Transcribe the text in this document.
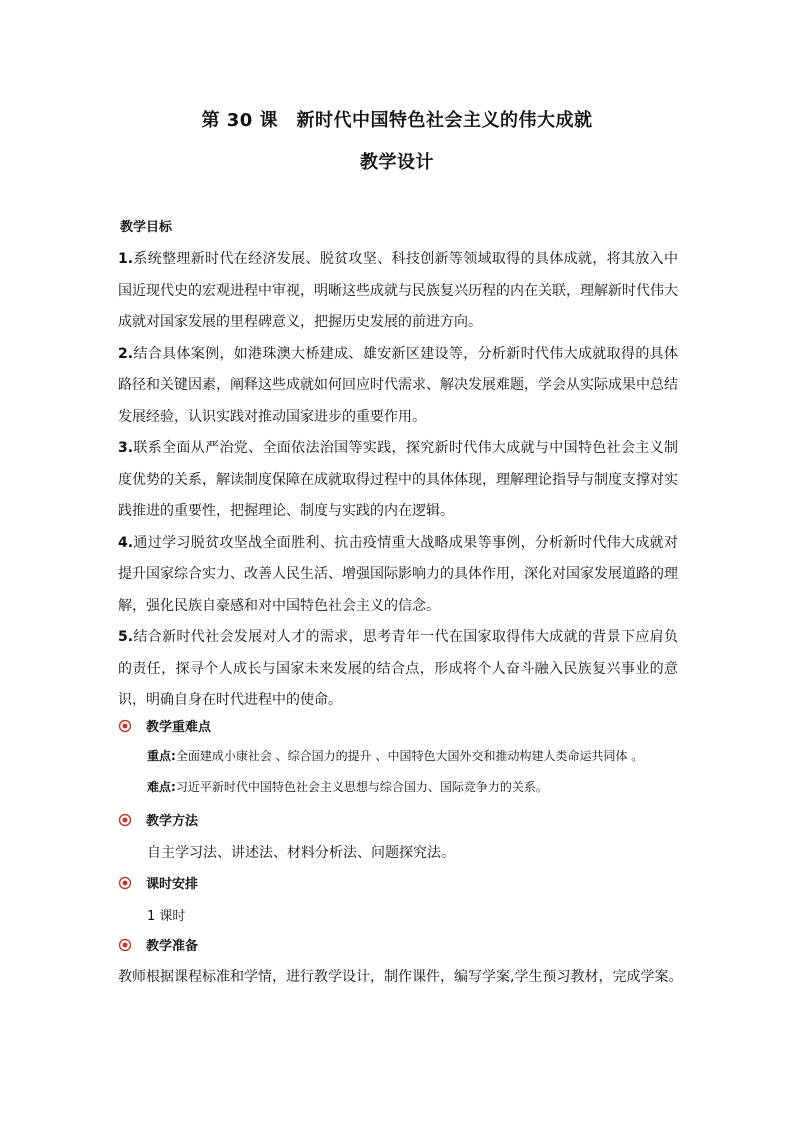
第 30 课　新时代中国特色社会主义的伟大成就
教学设计
教学目标

1.系统整理新时代在经济发展、脱贫攻坚、科技创新等领域取得的具体成就，将其放入中国近现代史的宏观进程中审视，明晰这些成就与民族复兴历程的内在关联，理解新时代伟大成就对国家发展的里程碑意义，把握历史发展的前进方向。

2.结合具体案例，如港珠澳大桥建成、雄安新区建设等，分析新时代伟大成就取得的具体路径和关键因素，阐释这些成就如何回应时代需求、解决发展难题，学会从实际成果中总结发展经验，认识实践对推动国家进步的重要作用。

3.联系全面从严治党、全面依法治国等实践，探究新时代伟大成就与中国特色社会主义制度优势的关系，解读制度保障在成就取得过程中的具体体现，理解理论指导与制度支撑对实践推进的重要性，把握理论、制度与实践的内在逻辑。

4.通过学习脱贫攻坚战全面胜利、抗击疫情重大战略成果等事例，分析新时代伟大成就对提升国家综合实力、改善人民生活、增强国际影响力的具体作用，深化对国家发展道路的理解，强化民族自豪感和对中国特色社会主义的信念。

5.结合新时代社会发展对人才的需求，思考青年一代在国家取得伟大成就的背景下应肩负的责任，探寻个人成长与国家未来发展的结合点，形成将个人奋斗融入民族复兴事业的意识，明确自身在时代进程中的使命。

教学重难点
重点:全面建成小康社会 、综合国力的提升 、中国特色大国外交和推动构建人类命运共同体 。
难点:习近平新时代中国特色社会主义思想与综合国力、国际竞争力的关系。
教学方法
自主学习法、讲述法、材料分析法、问题探究法。
课时安排
1 课时
教学准备
教师根据课程标准和学情，进行教学设计，制作课件，编写学案,学生预习教材，完成学案。
